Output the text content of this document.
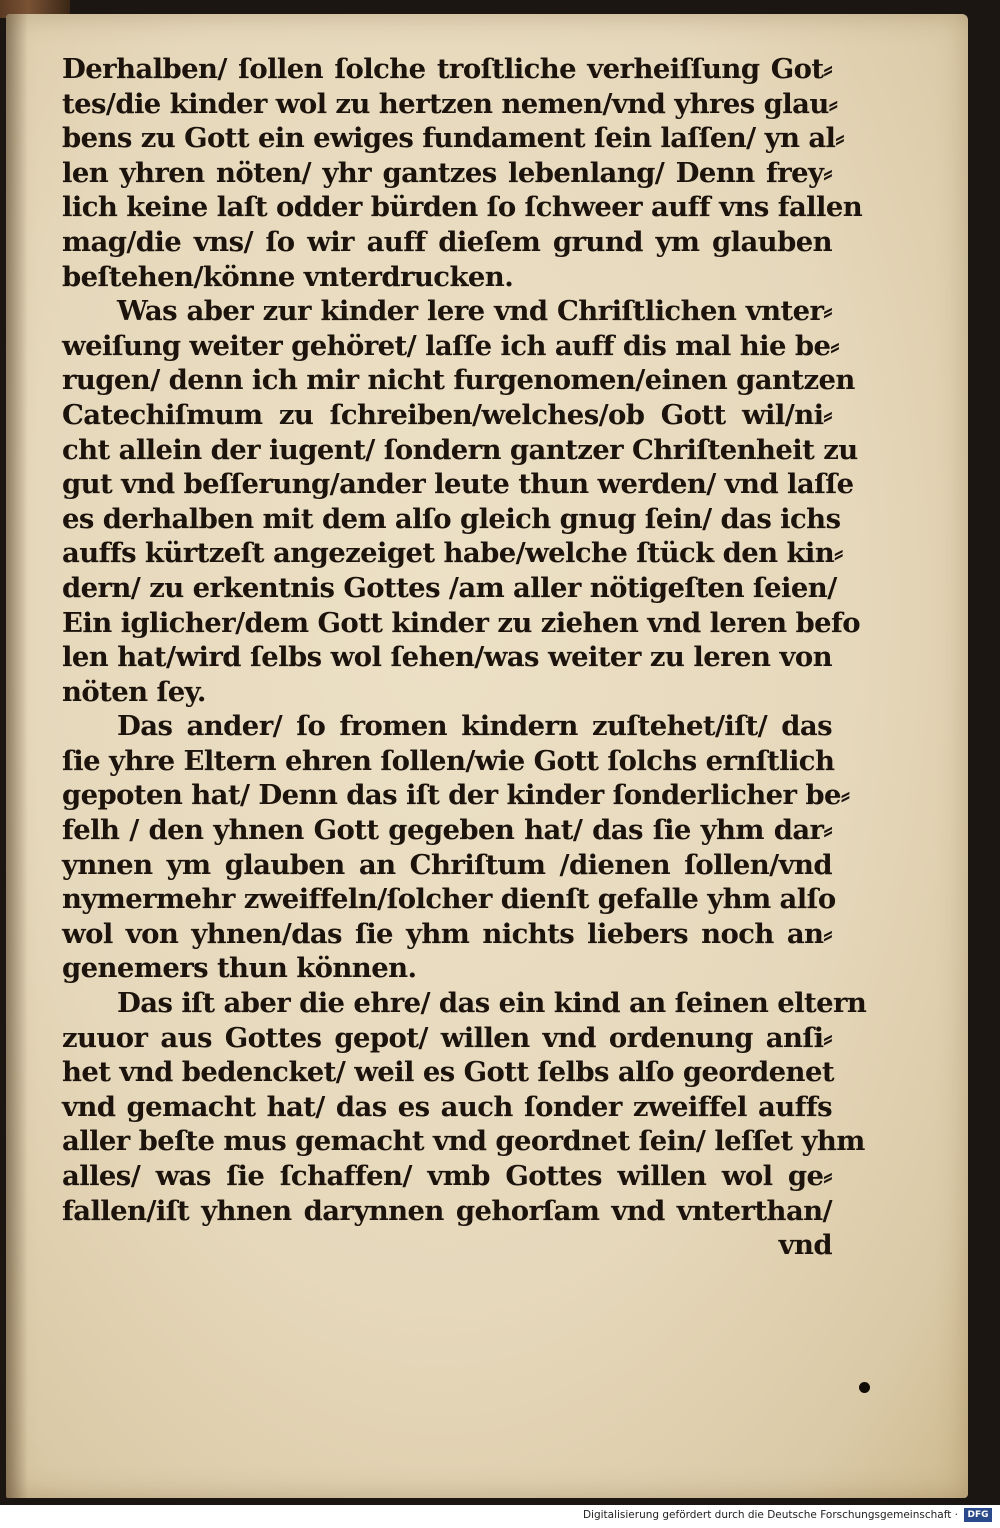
Derhalben/ ſollen ſolche troſtliche verheiſſung Got⸗
tes/die kinder wol zu hertzen nemen/vnd yhres glau⸗
bens zu Gott ein ewiges fundament ſein laſſen/ yn al⸗
len yhren nöten/ yhr gantzes lebenlang/ Denn frey⸗
lich keine laſt odder bürden ſo ſchweer auff vns fallen
mag/die vns/ ſo wir auff dieſem grund ym glauben
beſtehen/könne vnterdrucken.
Was aber zur kinder lere vnd Chriſtlichen vnter⸗
weiſung weiter gehöret/ laſſe ich auff dis mal hie be⸗
rugen/ denn ich mir nicht furgenomen/einen gantzen
Catechiſmum zu ſchreiben/welches/ob Gott wil/ni⸗
cht allein der iugent/ ſondern gantzer Chriſtenheit zu
gut vnd beſſerung/ander leute thun werden/ vnd laſſe
es derhalben mit dem alſo gleich gnug ſein/ das ichs
auffs kürtzeſt angezeiget habe/welche ſtück den kin⸗
dern/ zu erkentnis Gottes /am aller nötigeſten ſeien/
Ein iglicher/dem Gott kinder zu ziehen vnd leren befo
len hat/wird ſelbs wol ſehen/was weiter zu leren von
nöten ſey.
Das ander/ ſo fromen kindern zuſtehet/iſt/ das
ſie yhre Eltern ehren ſollen/wie Gott ſolchs ernſtlich
gepoten hat/ Denn das iſt der kinder ſonderlicher be⸗
felh / den yhnen Gott gegeben hat/ das ſie yhm dar⸗
ynnen ym glauben an Chriſtum /dienen ſollen/vnd
nymermehr zweiffeln/ſolcher dienſt gefalle yhm alſo
wol von yhnen/das ſie yhm nichts liebers noch an⸗
genemers thun können.
Das iſt aber die ehre/ das ein kind an ſeinen eltern
zuuor aus Gottes gepot/ willen vnd ordenung anſi⸗
het vnd bedencket/ weil es Gott ſelbs alſo geordenet
vnd gemacht hat/ das es auch ſonder zweiffel auffs
aller beſte mus gemacht vnd geordnet ſein/ leſſet yhm
alles/ was ſie ſchaffen/ vmb Gottes willen wol ge⸗
fallen/iſt yhnen darynnen gehorſam vnd vnterthan/
vnd
Digitalisierung gefördert durch die Deutsche Forschungsgemeinschaft ·	DFG
